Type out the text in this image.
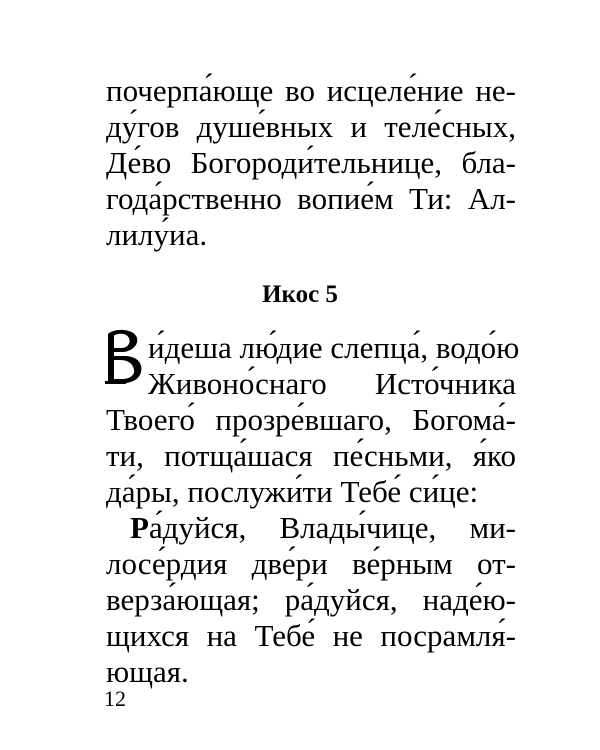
почерпа́юще во исцеле́ние не-
ду́гов душе́вных и теле́сных,
Де́во Богороди́тельнице, бла-
года́рственно вопие́м Ти: Ал-
лилу́иа.
Икос 5
и́деша лю́дие слепца́, водо́ю
Живоно́снаго Исто́чника
Твоего́ прозре́вшаго, Богома́-
ти, потща́шася пе́сньми, я́ко
да́ры, послужи́ти Тебе́ си́це:
Ра́дуйся, Влады́чице, ми-
лосе́рдия две́ри ве́рным от-
верза́ющая; ра́дуйся, наде́ю-
щихся на Тебе́ не посрамля́-
ющая.
12
